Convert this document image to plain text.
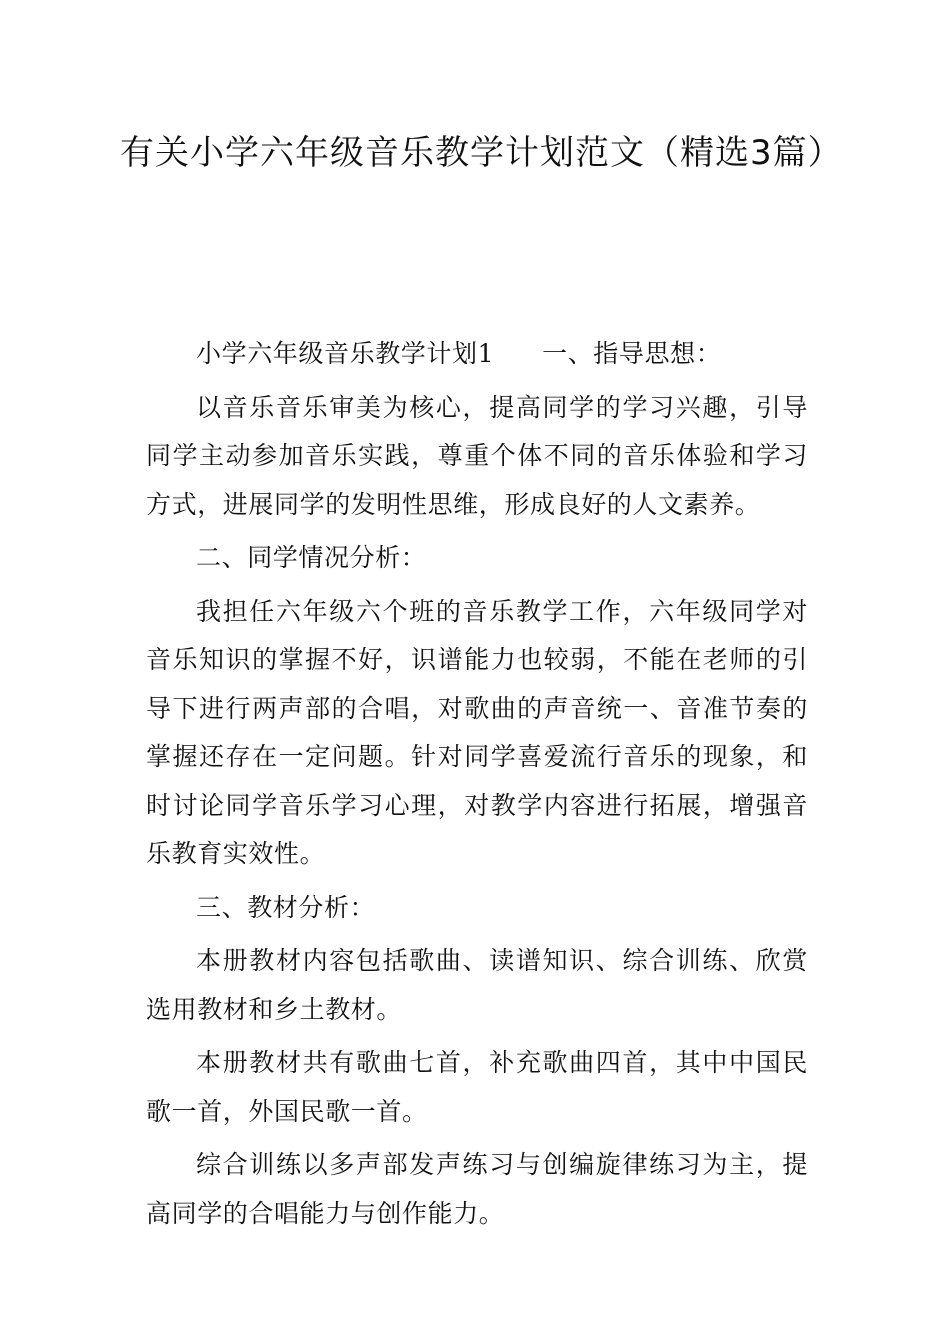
有关小学六年级音乐教学计划范文（精选3篇）

小学六年级音乐教学计划1 一、指导思想：

以音乐音乐审美为核心，提高同学的学习兴趣，引导同学主动参加音乐实践，尊重个体不同的音乐体验和学习方式，进展同学的发明性思维，形成良好的人文素养。

二、同学情况分析：

我担任六年级六个班的音乐教学工作，六年级同学对音乐知识的掌握不好，识谱能力也较弱，不能在老师的引导下进行两声部的合唱，对歌曲的声音统一、音准节奏的掌握还存在一定问题。针对同学喜爱流行音乐的现象，和时讨论同学音乐学习心理，对教学内容进行拓展，增强音乐教育实效性。

三、教材分析：

本册教材内容包括歌曲、读谱知识、综合训练、欣赏选用教材和乡土教材。

本册教材共有歌曲七首，补充歌曲四首，其中中国民歌一首，外国民歌一首。

综合训练以多声部发声练习与创编旋律练习为主，提高同学的合唱能力与创作能力。
